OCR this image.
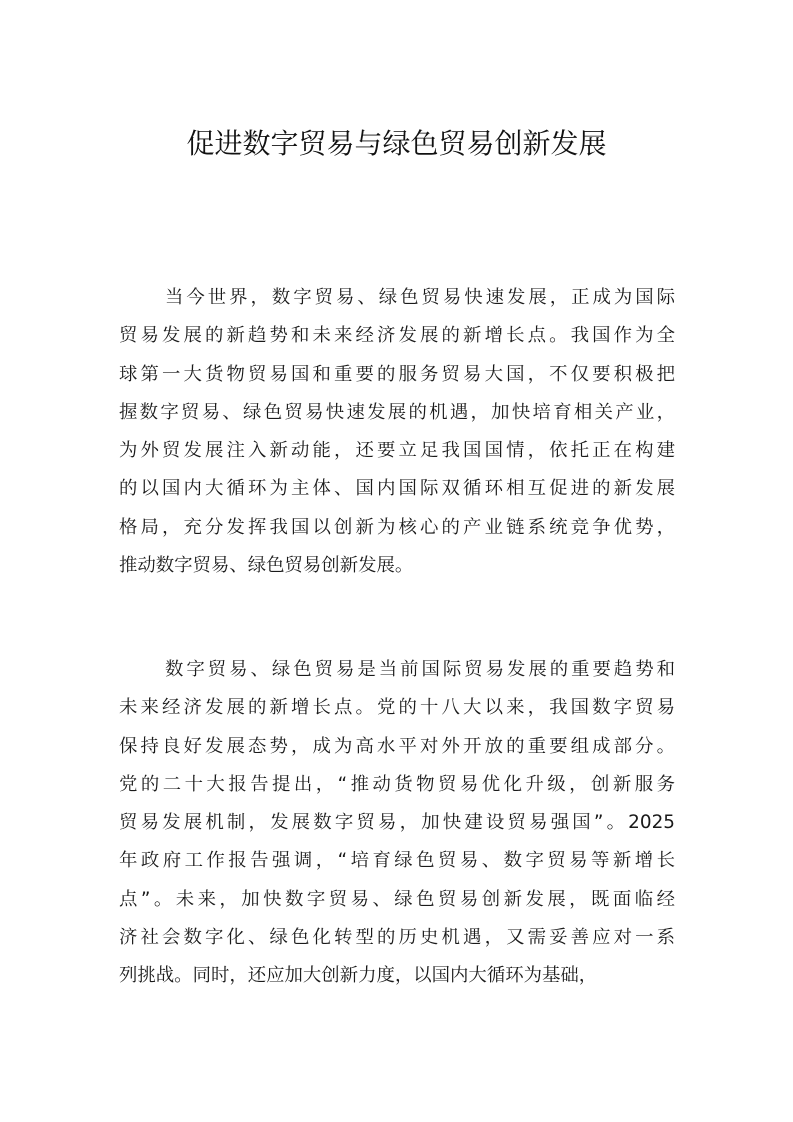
促进数字贸易与绿色贸易创新发展
当今世界，数字贸易、绿色贸易快速发展，正成为国际
贸易发展的新趋势和未来经济发展的新增长点。我国作为全
球第一大货物贸易国和重要的服务贸易大国，不仅要积极把
握数字贸易、绿色贸易快速发展的机遇，加快培育相关产业，
为外贸发展注入新动能，还要立足我国国情，依托正在构建
的以国内大循环为主体、国内国际双循环相互促进的新发展
格局，充分发挥我国以创新为核心的产业链系统竞争优势，
推动数字贸易、绿色贸易创新发展。
数字贸易、绿色贸易是当前国际贸易发展的重要趋势和
未来经济发展的新增长点。党的十八大以来，我国数字贸易
保持良好发展态势，成为高水平对外开放的重要组成部分。
党的二十大报告提出，“推动货物贸易优化升级，创新服务
贸易发展机制，发展数字贸易，加快建设贸易强国”。2025
年政府工作报告强调，“培育绿色贸易、数字贸易等新增长
点”。未来，加快数字贸易、绿色贸易创新发展，既面临经
济社会数字化、绿色化转型的历史机遇，又需妥善应对一系
列挑战。同时，还应加大创新力度，以国内大循环为基础，
